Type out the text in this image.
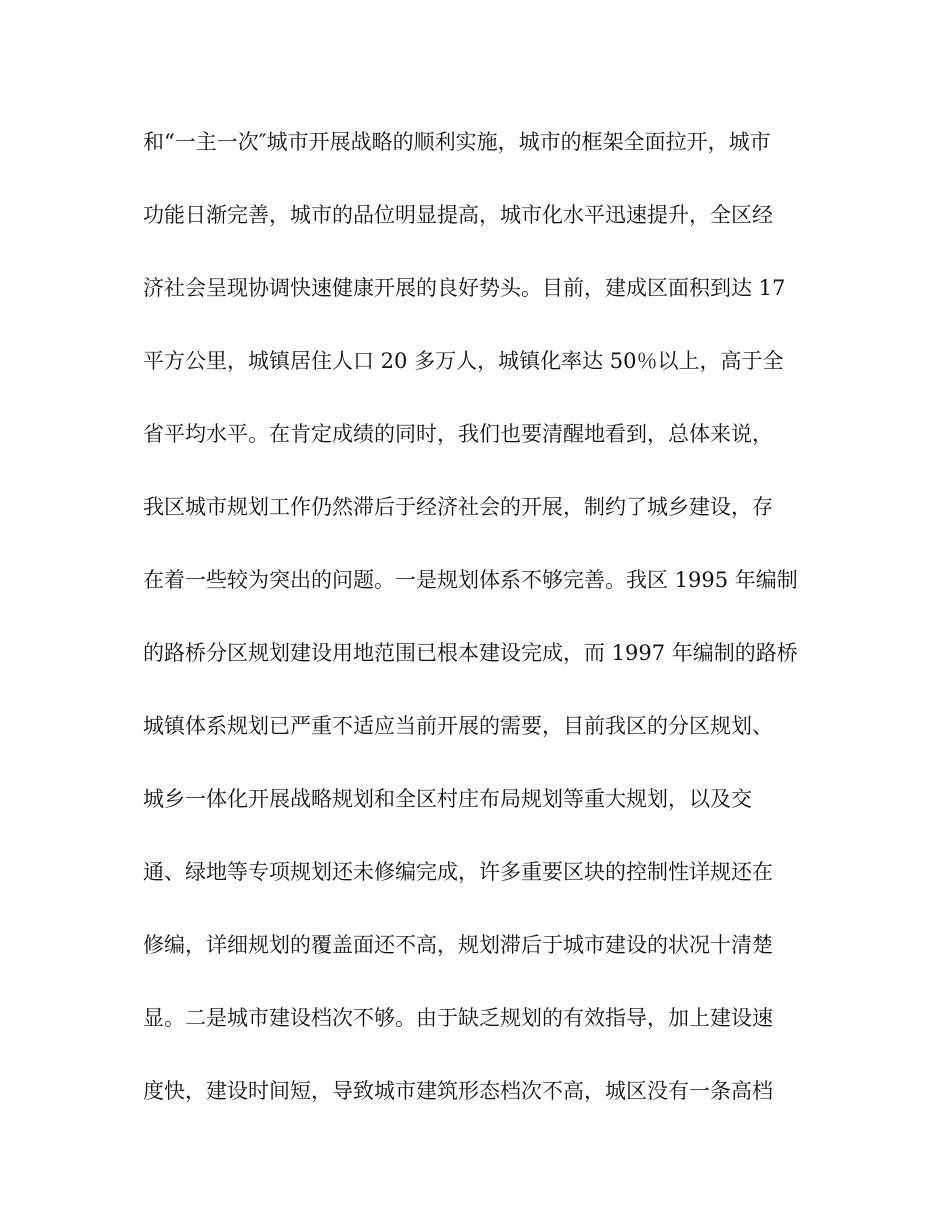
和“一主一次″城市开展战略的顺利实施，城市的框架全面拉开，城市

功能日渐完善，城市的品位明显提高，城市化水平迅速提升，全区经

济社会呈现协调快速健康开展的良好势头。目前，建成区面积到达 17

平方公里，城镇居住人口 20 多万人，城镇化率达 50％以上，高于全

省平均水平。在肯定成绩的同时，我们也要清醒地看到，总体来说，

我区城市规划工作仍然滞后于经济社会的开展，制约了城乡建设，存

在着一些较为突出的问题。一是规划体系不够完善。我区 1995 年编制

的路桥分区规划建设用地范围已根本建设完成，而 1997 年编制的路桥

城镇体系规划已严重不适应当前开展的需要，目前我区的分区规划、

城乡一体化开展战略规划和全区村庄布局规划等重大规划，以及交

通、绿地等专项规划还未修编完成，许多重要区块的控制性详规还在

修编，详细规划的覆盖面还不高，规划滞后于城市建设的状况十清楚

显。二是城市建设档次不够。由于缺乏规划的有效指导，加上建设速

度快，建设时间短，导致城市建筑形态档次不高，城区没有一条高档
